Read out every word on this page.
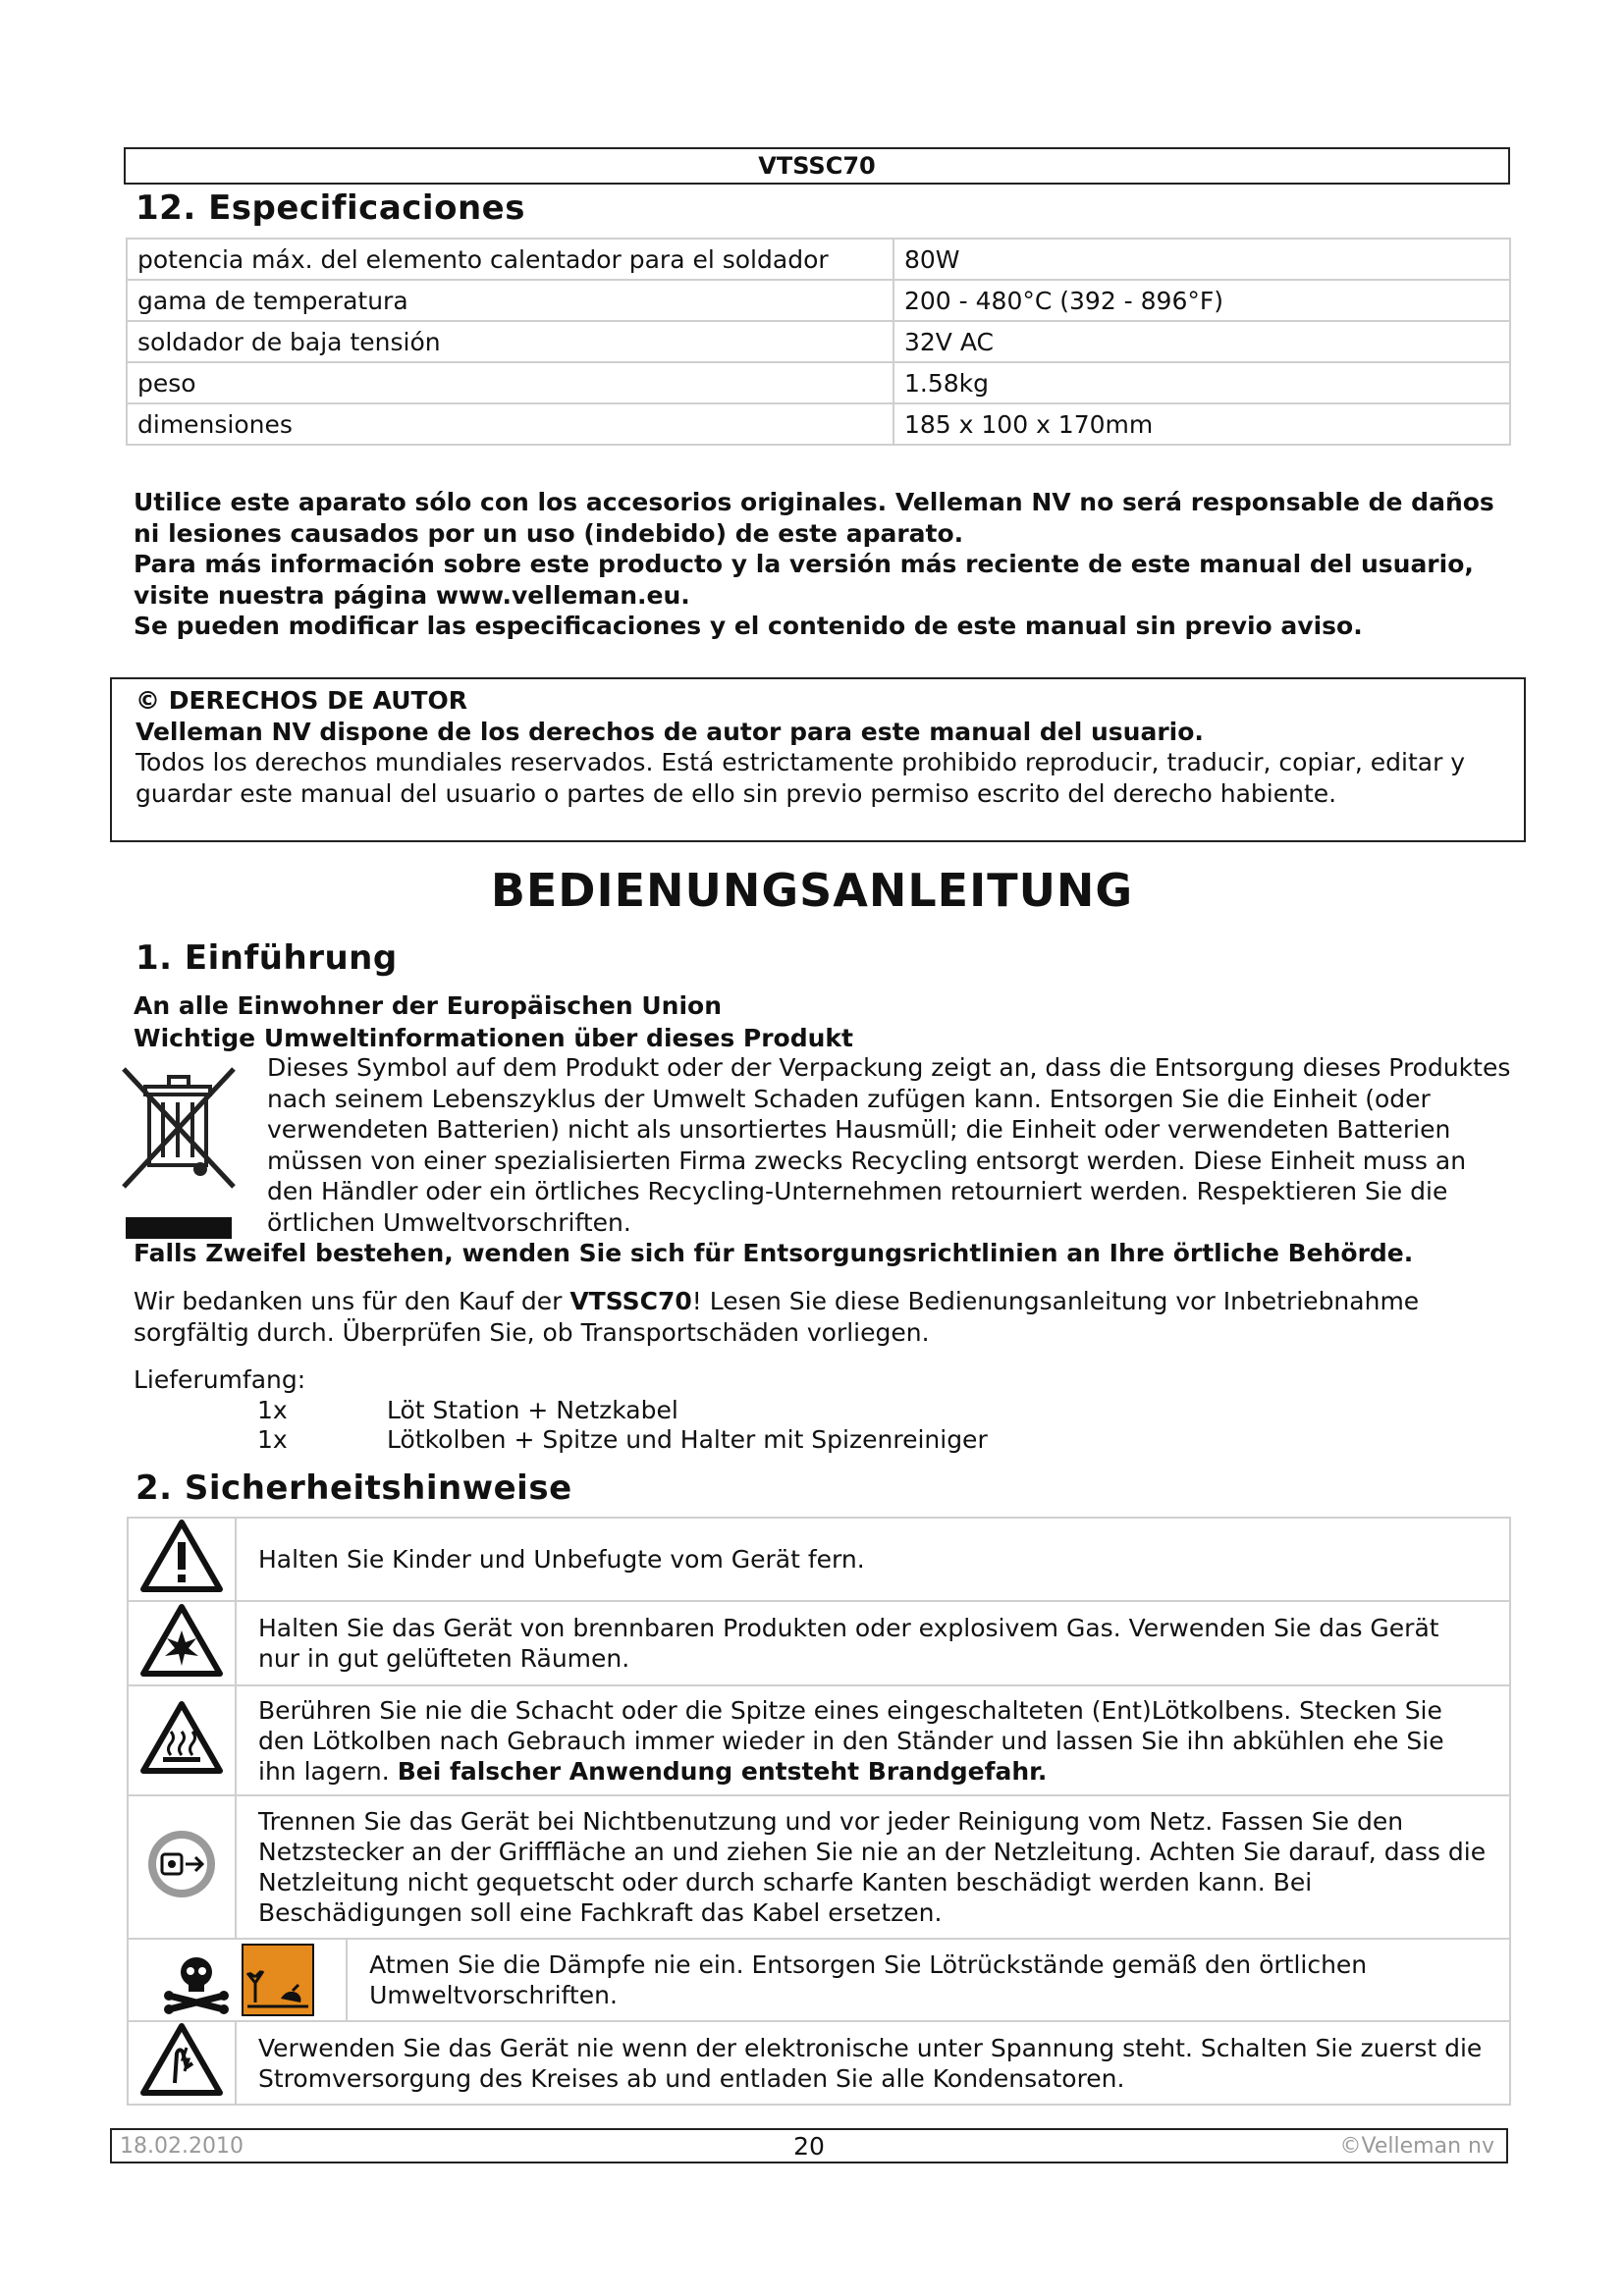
VTSSC70
12. Especificaciones
potencia máx. del elemento calentador para el soldador	80W
gama de temperatura	200 - 480°C (392 - 896°F)
soldador de baja tensión	32V AC
peso	1.58kg
dimensiones	185 x 100 x 170mm

Utilice este aparato sólo con los accesorios originales. Velleman NV no será responsable de daños ni lesiones causados por un uso (indebido) de este aparato.

Para más información sobre este producto y la versión más reciente de este manual del usuario, visite nuestra página www.velleman.eu.

Se pueden modificar las especificaciones y el contenido de este manual sin previo aviso.

© DERECHOS DE AUTOR

Velleman NV dispone de los derechos de autor para este manual del usuario.

Todos los derechos mundiales reservados. Está estrictamente prohibido reproducir, traducir, copiar, editar y guardar este manual del usuario o partes de ello sin previo permiso escrito del derecho habiente.

BEDIENUNGSANLEITUNG
1. Einführung

An alle Einwohner der Europäischen Union

Wichtige Umweltinformationen über dieses Produkt

Dieses Symbol auf dem Produkt oder der Verpackung zeigt an, dass die Entsorgung dieses Produktes nach seinem Lebenszyklus der Umwelt Schaden zufügen kann. Entsorgen Sie die Einheit (oder verwendeten Batterien) nicht als unsortiertes Hausmüll; die Einheit oder verwendeten Batterien müssen von einer spezialisierten Firma zwecks Recycling entsorgt werden. Diese Einheit muss an den Händler oder ein örtliches Recycling-Unternehmen retourniert werden. Respektieren Sie die örtlichen Umweltvorschriften.

Falls Zweifel bestehen, wenden Sie sich für Entsorgungsrichtlinien an Ihre örtliche Behörde.

Wir bedanken uns für den Kauf der VTSSC70! Lesen Sie diese Bedienungsanleitung vor Inbetriebnahme sorgfältig durch. Überprüfen Sie, ob Transportschäden vorliegen.

Lieferumfang:

1x	Löt Station + Netzkabel
1x	Lötkolben + Spitze und Halter mit Spizenreiniger
2. Sicherheitshinweise
	Halten Sie Kinder und Unbefugte vom Gerät fern.	
	Halten Sie das Gerät von brennbaren Produkten oder explosivem Gas. Verwenden Sie das Gerät nur in gut gelüfteten Räumen.	
	Berühren Sie nie die Schacht oder die Spitze eines eingeschalteten (Ent)Lötkolbens. Stecken Sie den Lötkolben nach Gebrauch immer wieder in den Ständer und lassen Sie ihn abkühlen ehe Sie ihn lagern. Bei falscher Anwendung entsteht Brandgefahr.	
	Trennen Sie das Gerät bei Nichtbenutzung und vor jeder Reinigung vom Netz. Fassen Sie den Netzstecker an der Grifffläche an und ziehen Sie nie an der Netzleitung. Achten Sie darauf, dass die Netzleitung nicht gequetscht oder durch scharfe Kanten beschädigt werden kann. Bei Beschädigungen soll eine Fachkraft das Kabel ersetzen.	

	Atmen Sie die Dämpfe nie ein. Entsorgen Sie Lötrückstände gemäß den örtlichen Umweltvorschriften.
	Verwenden Sie das Gerät nie wenn der elektronische unter Spannung steht. Schalten Sie zuerst die Stromversorgung des Kreises ab und entladen Sie alle Kondensatoren.	
18.02.2010	20	©Velleman nv
